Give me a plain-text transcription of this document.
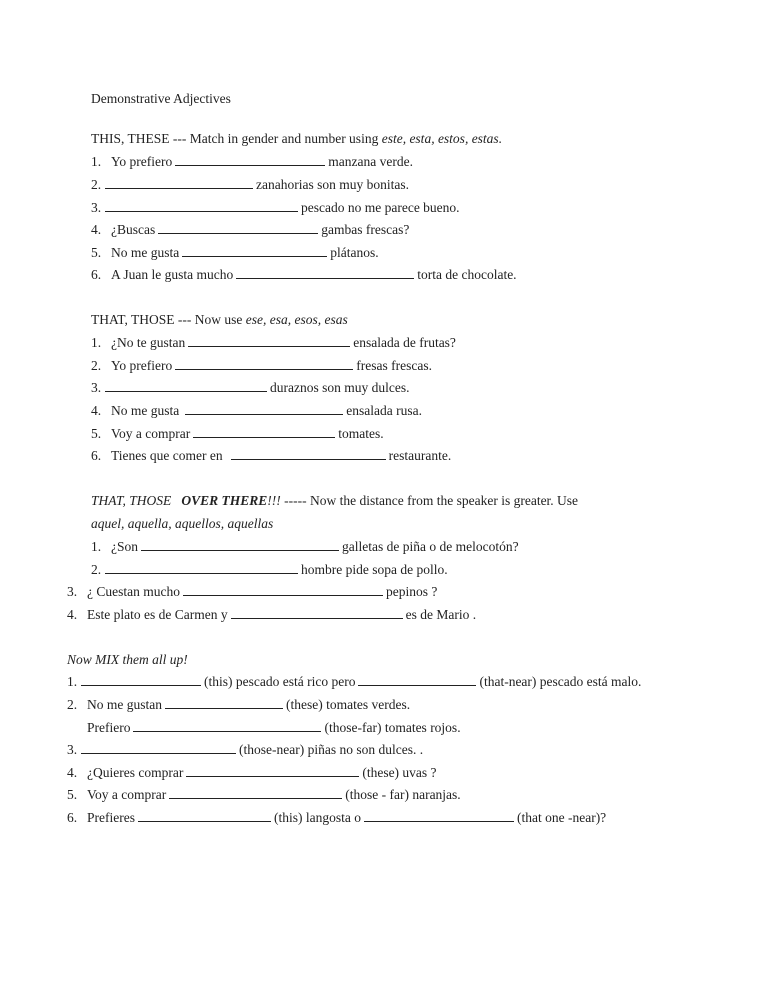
Demonstrative Adjectives
THIS, THESE --- Match in gender and number using este, esta, estos, estas.
1. Yo prefiero	manzana verde.
2.	zanahorias son muy bonitas.
3.	pescado no me parece bueno.
4. ¿Buscas	gambas frescas?
5. No me gusta	plátanos.
6. A Juan le gusta mucho	torta de chocolate.
THAT, THOSE --- Now use ese, esa, esos, esas
1. ¿No te gustan	ensalada de frutas?
2. Yo prefiero	fresas frescas.
3.	duraznos son muy dulces.
4. No me gusta	ensalada rusa.
5. Voy a comprar	tomates.
6. Tienes que comer en	restaurante.
THAT, THOSE OVER THERE!!! ----- Now the distance from the speaker is greater. Use
aquel, aquella, aquellos, aquellas
1. ¿Son	galletas de piña o de melocotón?
2.	hombre pide sopa de pollo.
3. ¿ Cuestan mucho	pepinos ?
4. Este plato es de Carmen y	es de Mario .
Now MIX them all up!
1.	(this) pescado está rico pero	(that-near) pescado está malo.
2. No me gustan	(these) tomates verdes.
Prefiero	(those-far) tomates rojos.
3.	(those-near) piñas no son dulces. .
4. ¿Quieres comprar	(these) uvas ?
5. Voy a comprar	(those - far) naranjas.
6. Prefieres	(this) langosta o	(that one -near)?
